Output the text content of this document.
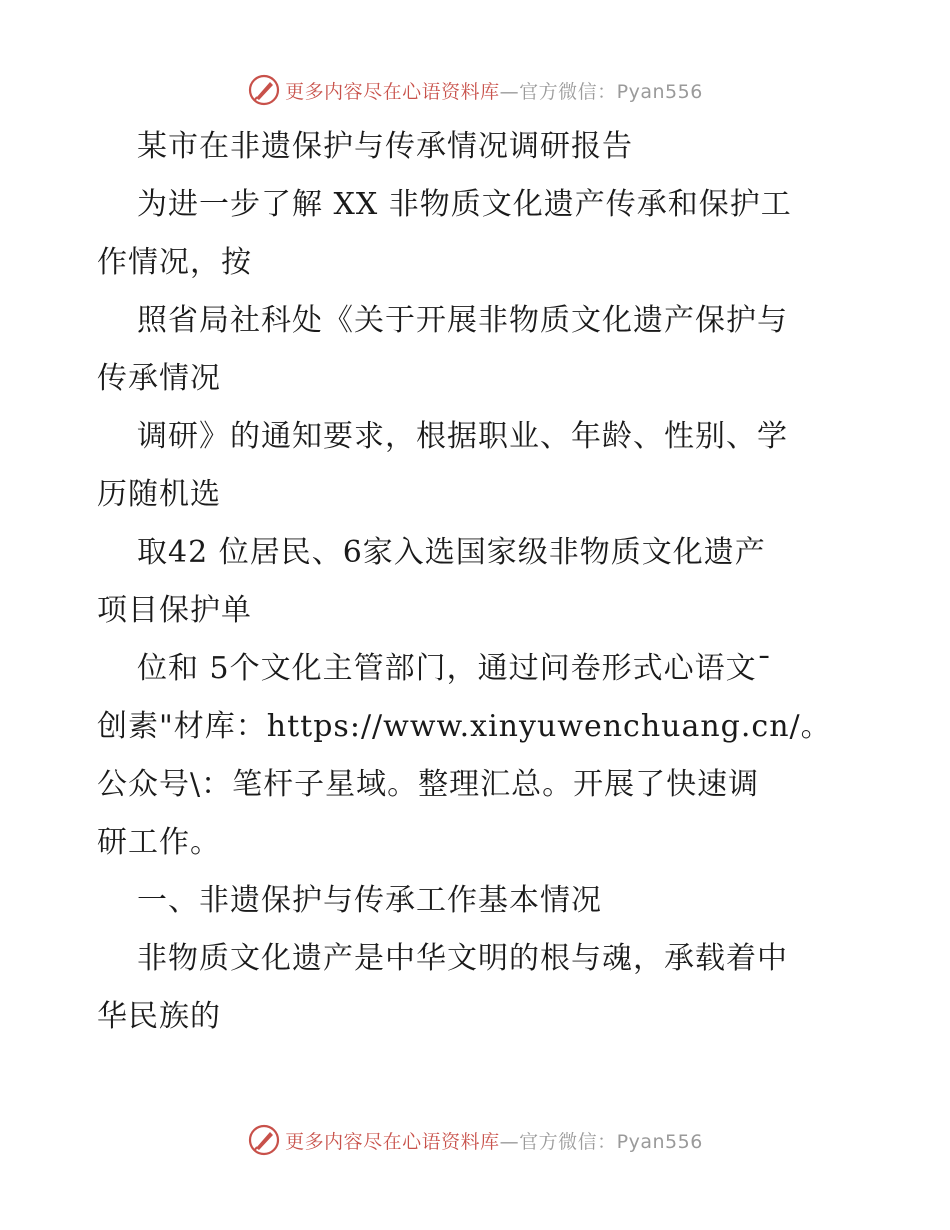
更多内容尽在心语资料库—官方微信：Pyan556
某市在非遗保护与传承情况调研报告
为进一步了解 XX 非物质文化遗产传承和保护工
作情况，按
照省局社科处《关于开展非物质文化遗产保护与
传承情况
调研》的通知要求，根据职业、年龄、性别、学
历随机选
取42 位居民、6家入选国家级非物质文化遗产
项目保护单
位和 5个文化主管部门，通过问卷形式心语文¯
创素"材库：https://www.xinyuwenchuang.cn/。
公众号\：笔杆子星域。整理汇总。开展了快速调
研工作。
一、非遗保护与传承工作基本情况
非物质文化遗产是中华文明的根与魂，承载着中
华民族的
更多内容尽在心语资料库—官方微信：Pyan556
